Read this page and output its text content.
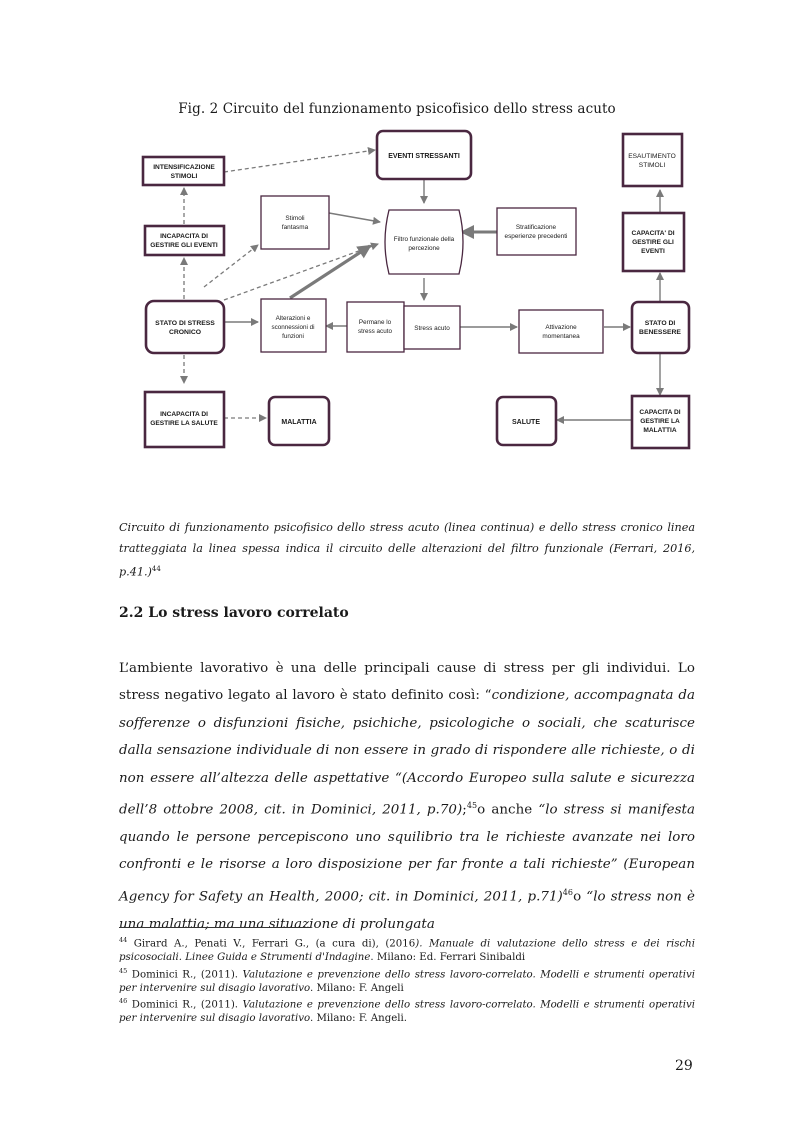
Fig. 2 Circuito del funzionamento psicofisico dello stress acuto
INTENSIFICAZIONE STIMOLI
EVENTI STRESSANTI	ESAUTIMENTO STIMOLI
INCAPACITA DI GESTIRE GLI EVENTI
Stimoli fantasma
Filtro funzionale della percezione
Stratificazione esperienze precedenti	CAPACITA' DI GESTIRE GLI EVENTI
STATO DI STRESS CRONICO
Alterazioni e sconnessioni di funzioni
Permane lo stress acuto	Stress acuto	Attivazione momentanea
STATO DI BENESSERE
INCAPACITA DI GESTIRE LA SALUTE	MALATTIA	SALUTE
CAPACITA DI GESTIRE LA MALATTIA
Circuito di funzionamento psicofisico dello stress acuto (linea continua) e dello stress cronico linea tratteggiata la linea spessa indica il circuito delle alterazioni del filtro funzionale (Ferrari, 2016, p.41.)$^{44}$
2.2 Lo stress lavoro correlato

L’ambiente lavorativo è una delle principali cause di stress per gli individui. Lo stress negativo legato al lavoro è stato definito così: “condizione, accompagnata da sofferenze o disfunzioni fisiche, psichiche, psicologiche o sociali, che scaturisce dalla sensazione individuale di non essere in grado di rispondere alle richieste, o di non essere all’altezza delle aspettative “(Accordo Europeo sulla salute e sicurezza dell’8 ottobre 2008, cit. in Dominici, 2011, p.70);$^{45}$o anche “lo stress si manifesta quando le persone percepiscono uno squilibrio tra le richieste avanzate nei loro confronti e le risorse a loro disposizione per far fronte a tali richieste” (European Agency for Safety an Health, 2000; cit. in Dominici, 2011, p.71)$^{46}$o “lo stress non è una malattia; ma una situazione di prolungata

$^{44}$ Girard A., Penati V., Ferrari G., (a cura di), (2016). Manuale di valutazione dello stress e dei rischi psicosociali. Linee Guida e Strumenti d'Indagine. Milano: Ed. Ferrari Sinibaldi

$^{45}$ Dominici R., (2011). Valutazione e prevenzione dello stress lavoro-correlato. Modelli e strumenti operativi per intervenire sul disagio lavorativo. Milano: F. Angeli

$^{46}$ Dominici R., (2011). Valutazione e prevenzione dello stress lavoro-correlato. Modelli e strumenti operativi per intervenire sul disagio lavorativo. Milano: F. Angeli.

29
